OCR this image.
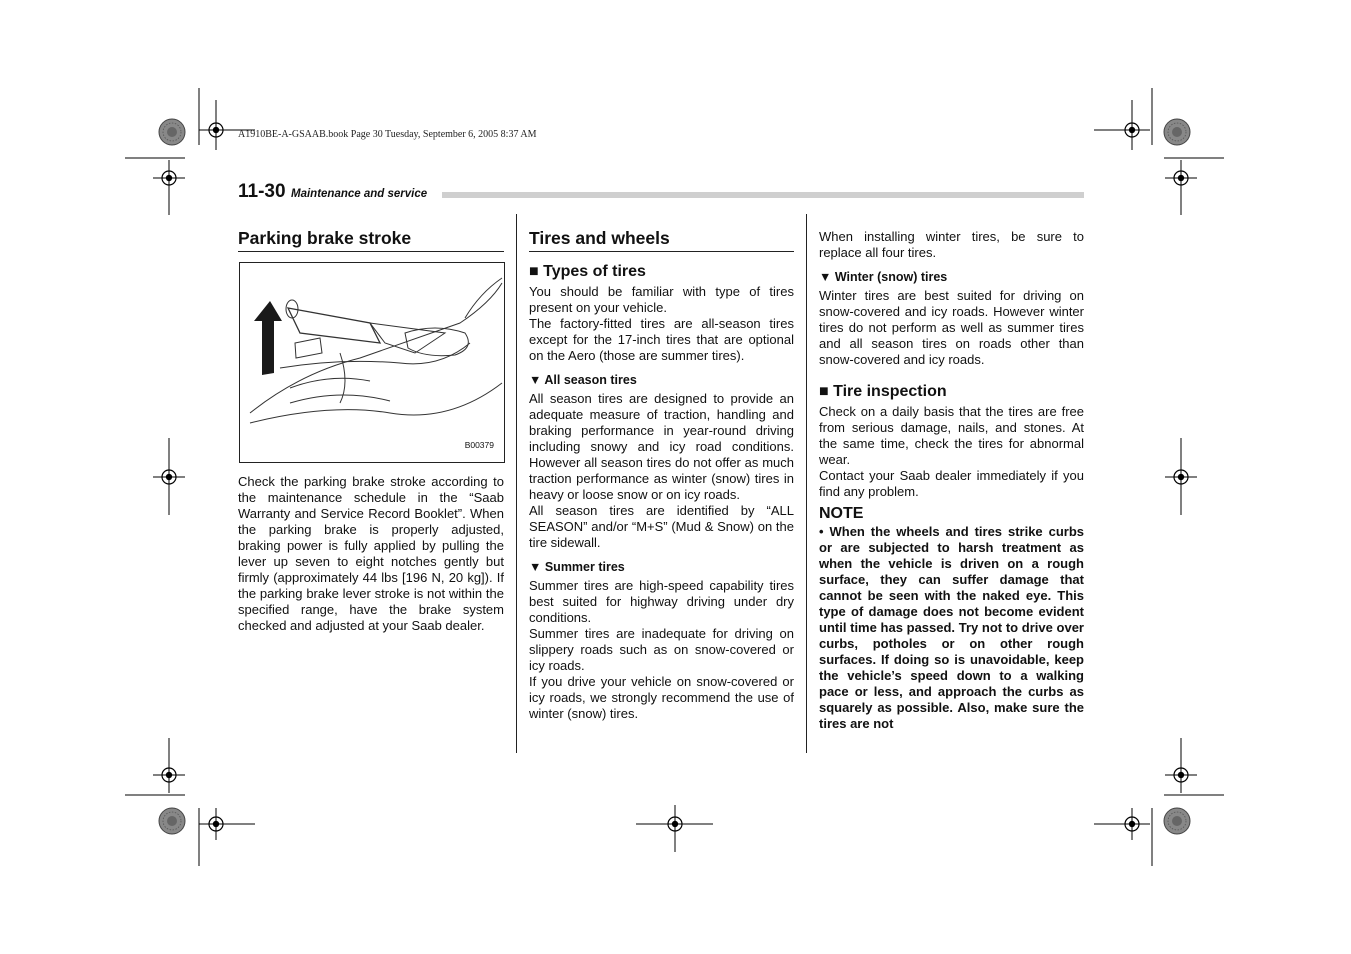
A1910BE-A-GSAAB.book Page 30 Tuesday, September 6, 2005 8:37 AM
11-30 Maintenance and service
Parking brake stroke
B00379

Check the parking brake stroke according to the maintenance schedule in the “Saab Warranty and Service Record Booklet”. When the parking brake is properly adjusted, braking power is fully applied by pulling the lever up seven to eight notches gently but firmly (approximately 44 lbs [196 N, 20 kg]). If the parking brake lever stroke is not within the specified range, have the brake system checked and adjusted at your Saab dealer.

Tires and wheels
■ Types of tires

You should be familiar with type of tires present on your vehicle.

The factory-fitted tires are all-season tires except for the 17-inch tires that are optional on the Aero (those are summer tires).

▼ All season tires

All season tires are designed to provide an adequate measure of traction, handling and braking performance in year-round driving including snowy and icy road conditions. However all season tires do not offer as much traction performance as winter (snow) tires in heavy or loose snow or on icy roads.

All season tires are identified by “ALL SEASON” and/or “M+S” (Mud & Snow) on the tire sidewall.

▼ Summer tires

Summer tires are high-speed capability tires best suited for highway driving under dry conditions.

Summer tires are inadequate for driving on slippery roads such as on snow-covered or icy roads.

If you drive your vehicle on snow-covered or icy roads, we strongly recommend the use of winter (snow) tires.

When installing winter tires, be sure to replace all four tires.

▼ Winter (snow) tires

Winter tires are best suited for driving on snow-covered and icy roads. However winter tires do not perform as well as summer tires and all season tires on roads other than snow-covered and icy roads.

■ Tire inspection

Check on a daily basis that the tires are free from serious damage, nails, and stones. At the same time, check the tires for abnormal wear.

Contact your Saab dealer immediately if you find any problem.

NOTE

• When the wheels and tires strike curbs or are subjected to harsh treatment as when the vehicle is driven on a rough surface, they can suffer damage that cannot be seen with the naked eye. This type of damage does not become evident until time has passed. Try not to drive over curbs, potholes or on other rough surfaces. If doing so is unavoidable, keep the vehicle’s speed down to a walking pace or less, and approach the curbs as squarely as possible. Also, make sure the tires are not
